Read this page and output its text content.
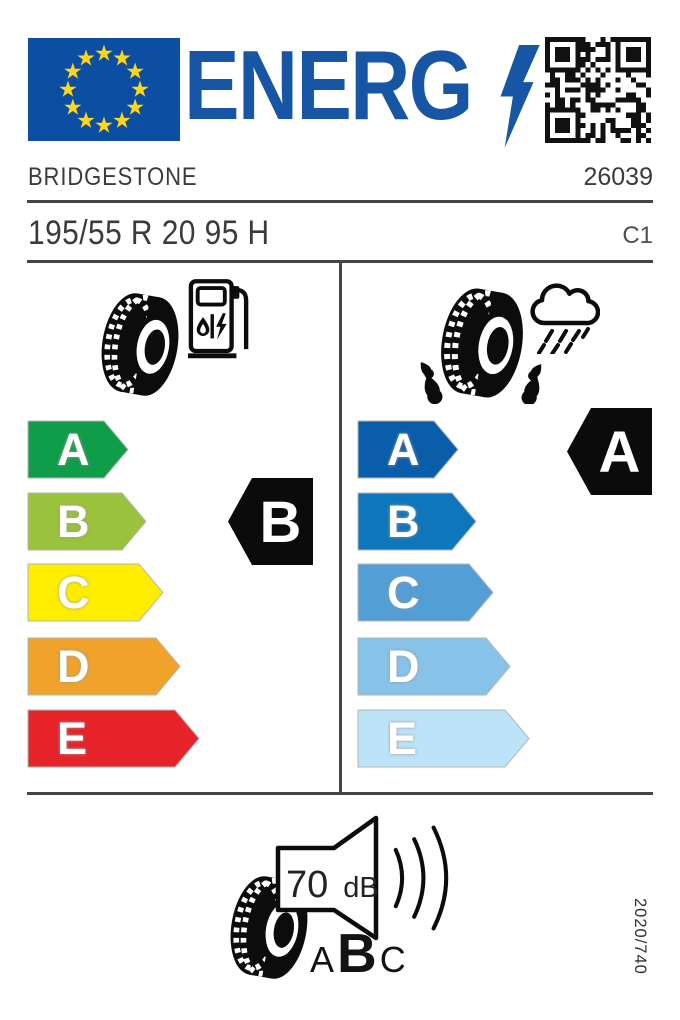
ENERG
BRIDGESTONE	26039
195/55 R 20 95 H	C1
A
B
C
D
E
A
B
C
D
E
B
A
70 dB
A B C	2020/740
